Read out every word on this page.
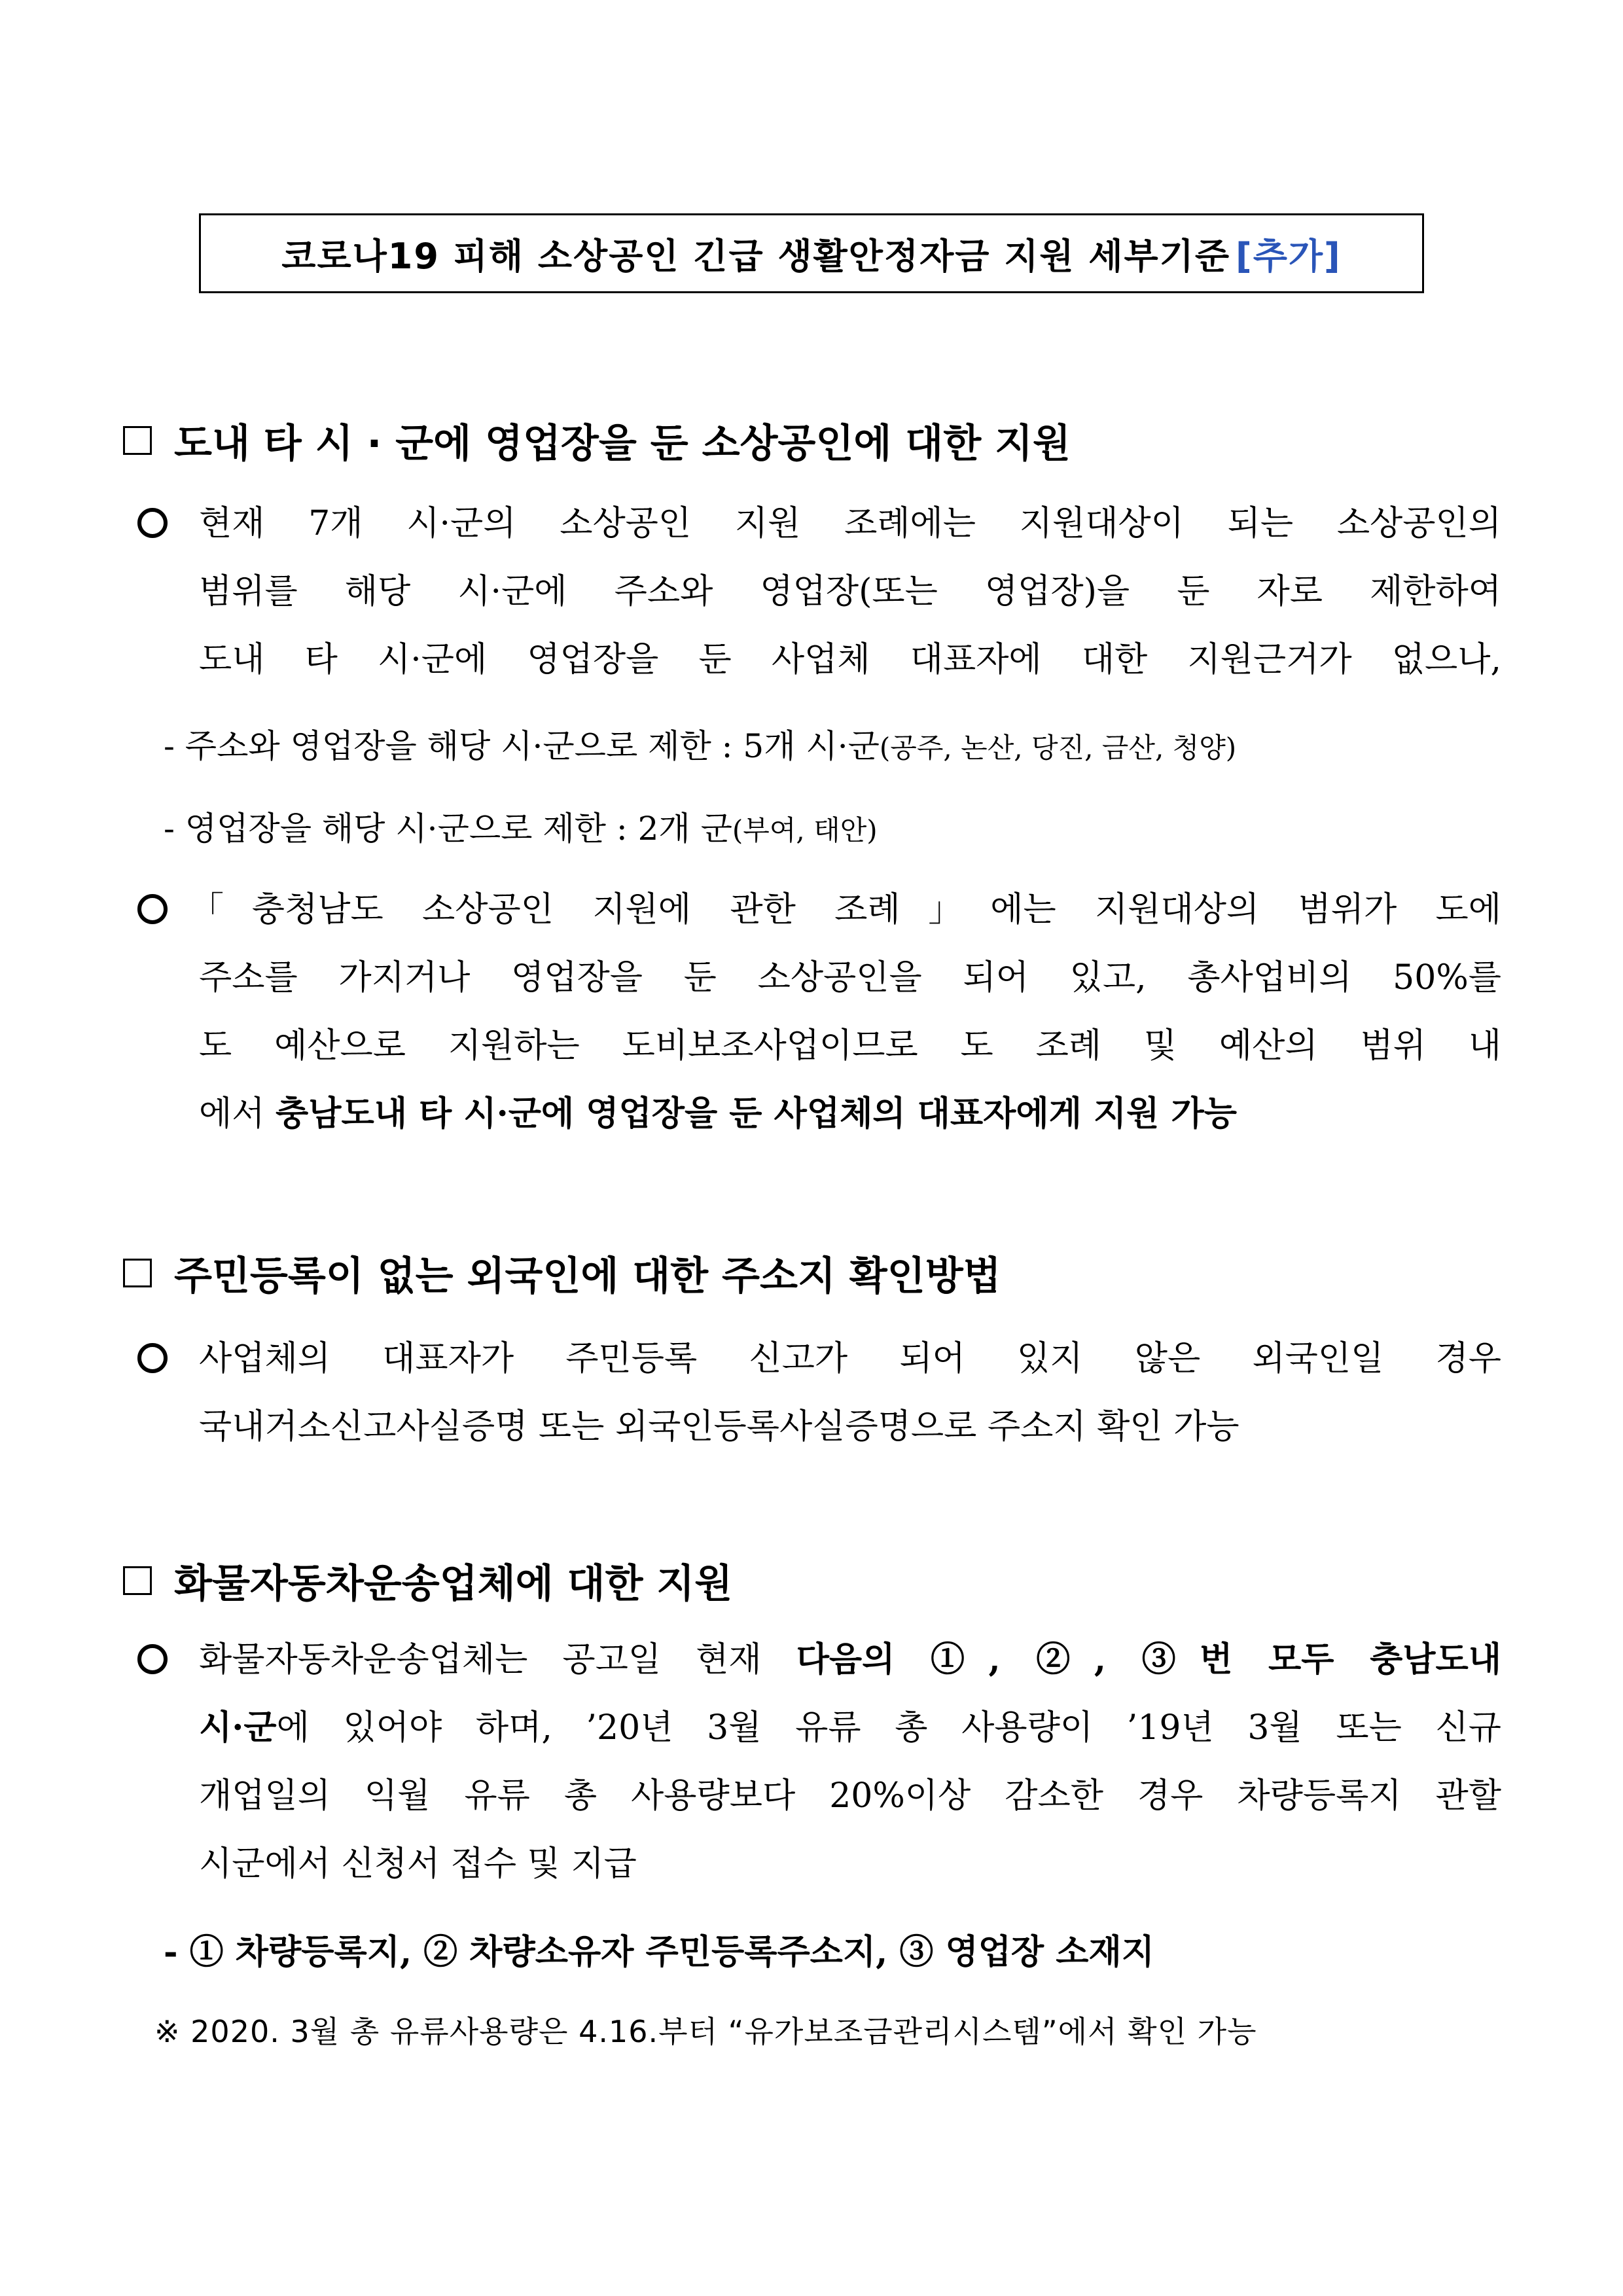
코로나19 피해 소상공인 긴급 생활안정자금 지원 세부기준 [추가]
도내 타 시 · 군에 영업장을 둔 소상공인에 대한 지원
현재 7개 시·군의 소상공인 지원 조례에는 지원대상이 되는 소상공인의
범위를 해당 시·군에 주소와 영업장(또는 영업장)을 둔 자로 제한하여
도내 타 시·군에 영업장을 둔 사업체 대표자에 대한 지원근거가 없으나,
- 주소와 영업장을 해당 시·군으로 제한 : 5개 시·군(공주, 논산, 당진, 금산, 청양)
- 영업장을 해당 시·군으로 제한 : 2개 군(부여, 태안)
「충청남도 소상공인 지원에 관한 조례」에는 지원대상의 범위가 도에
주소를 가지거나 영업장을 둔 소상공인을 되어 있고, 총사업비의 50%를
도 예산으로 지원하는 도비보조사업이므로 도 조례 및 예산의 범위 내
에서 충남도내 타 시·군에 영업장을 둔 사업체의 대표자에게 지원 가능
주민등록이 없는 외국인에 대한 주소지 확인방법
사업체의 대표자가 주민등록 신고가 되어 있지 않은 외국인일 경우
국내거소신고사실증명 또는 외국인등록사실증명으로 주소지 확인 가능
화물자동차운송업체에 대한 지원
화물자동차운송업체는 공고일 현재 다음의 ①, ②, ③번 모두 충남도내
시·군에 있어야 하며, ’20년 3월 유류 총 사용량이 ’19년 3월 또는 신규
개업일의 익월 유류 총 사용량보다 20%이상 감소한 경우 차량등록지 관할
시군에서 신청서 접수 및 지급
- ① 차량등록지, ② 차량소유자 주민등록주소지, ③ 영업장 소재지
※ 2020. 3월 총 유류사용량은 4.16.부터 “유가보조금관리시스템”에서 확인 가능
